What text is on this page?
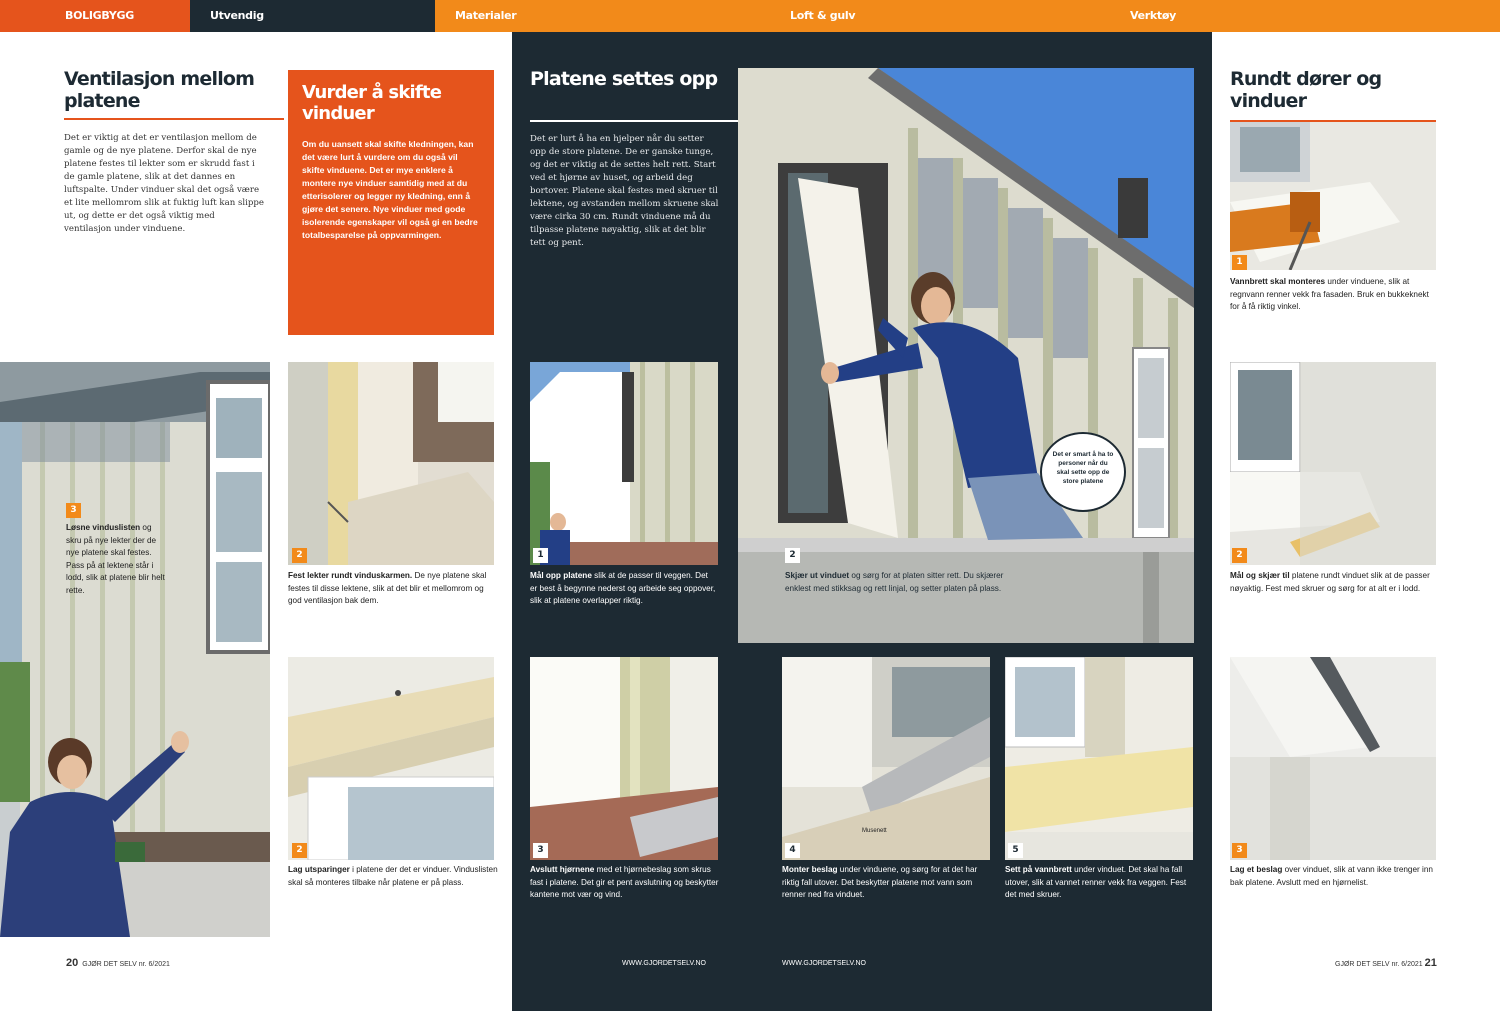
BOLIGBYGG	Utvendig	Materialer	Loft & gulv	Verktøy
Ventilasjon mellom platene
Det er viktig at det er ventilasjon mellom de gamle og de nye platene. Derfor skal de nye platene festes til lekter som er skrudd fast i de gamle platene, slik at det dannes en luftspalte. Under vinduer skal det også være et lite mellomrom slik at fuktig luft kan slippe ut, og dette er det også viktig med ventilasjon under vinduene.
Vurder å skifte vinduer

Om du uansett skal skifte kledningen, kan det være lurt å vurdere om du også vil skifte vinduene. Det er mye enklere å montere nye vinduer samtidig med at du etterisolerer og legger ny kledning, enn å gjøre det senere. Nye vinduer med gode isolerende egenskaper vil også gi en bedre totalbesparelse på oppvarmingen.

3
Løsne vinduslisten og skru på nye lekter der de nye platene skal festes. Pass på at lektene står i lodd, slik at platene blir helt rette.
2
Fest lekter rundt vinduskarmen. De nye platene skal festes til disse lektene, slik at det blir et mellomrom og god ventilasjon bak dem.
2
Lag utsparinger i platene der det er vinduer. Vinduslisten skal så monteres tilbake når platene er på plass.
20 GJØR DET SELV nr. 6/2021
Platene settes opp
Det er lurt å ha en hjelper når du setter opp de store platene. De er ganske tunge, og det er viktig at de settes helt rett. Start ved et hjørne av huset, og arbeid deg bortover. Platene skal festes med skruer til lektene, og avstanden mellom skruene skal være cirka 30 cm. Rundt vinduene må du tilpasse platene nøyaktig, slik at det blir tett og pent.
Det er smart å ha to personer når du skal sette opp de store platene
1
Mål opp platene slik at de passer til veggen. Det er best å begynne nederst og arbeide seg oppover, slik at platene overlapper riktig.
2
Skjær ut vinduet og sørg for at platen sitter rett. Du skjærer enklest med stikksag og rett linjal, og setter platen på plass.
3
Avslutt hjørnene med et hjørnebeslag som skrus fast i platene. Det gir et pent avslutning og beskytter kantene mot vær og vind.
Musenett
4
Monter beslag under vinduene, og sørg for at det har riktig fall utover. Det beskytter platene mot vann som renner ned fra vinduet.
5
Sett på vannbrett under vinduet. Det skal ha fall utover, slik at vannet renner vekk fra veggen. Fest det med skruer.
WWW.GJORDETSELV.NO	WWW.GJORDETSELV.NO
Rundt dører og vinduer
1
Vannbrett skal monteres under vinduene, slik at regnvann renner vekk fra fasaden. Bruk en bukkeknekt for å få riktig vinkel.
2
Mål og skjær til platene rundt vinduet slik at de passer nøyaktig. Fest med skruer og sørg for at alt er i lodd.
3
Lag et beslag over vinduet, slik at vann ikke trenger inn bak platene. Avslutt med en hjørnelist.
GJØR DET SELV nr. 6/2021 21
